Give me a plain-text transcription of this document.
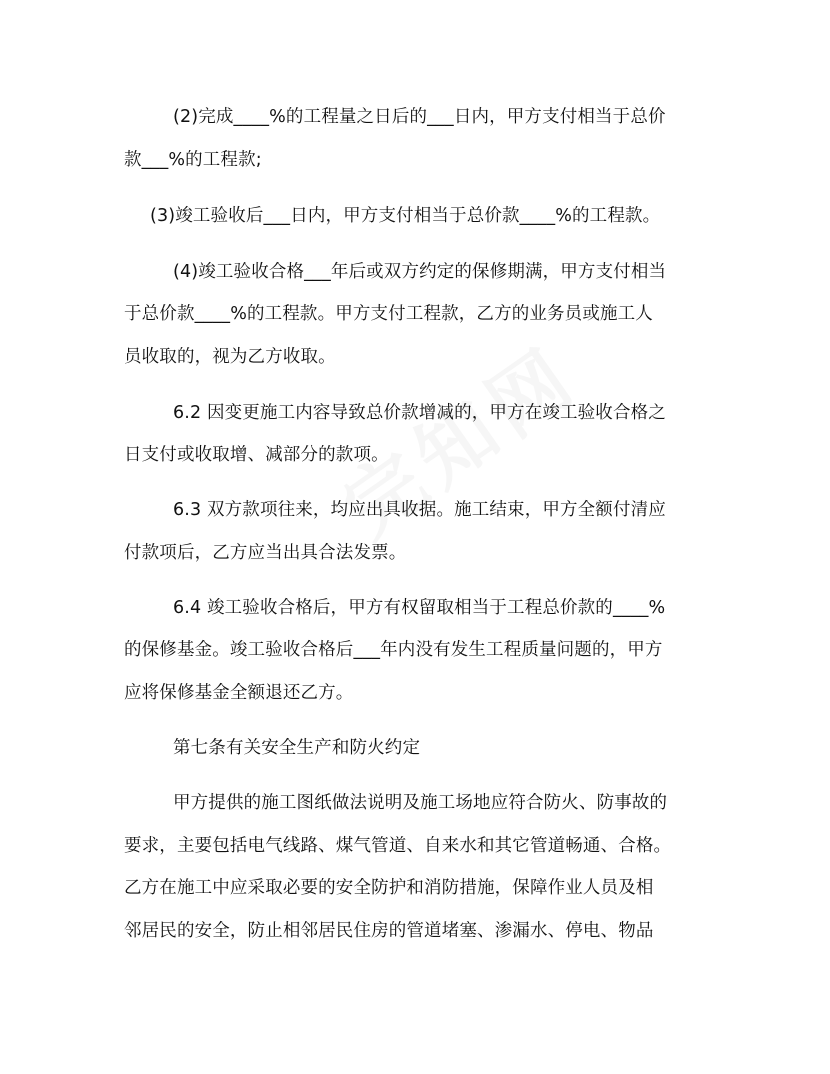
(2)完成____%的工程量之日后的___日内，甲方支付相当于总价
款___%的工程款;
(3)竣工验收后___日内，甲方支付相当于总价款____%的工程款。
(4)竣工验收合格___年后或双方约定的保修期满，甲方支付相当
于总价款____%的工程款。甲方支付工程款，乙方的业务员或施工人
员收取的，视为乙方收取。
6.2 因变更施工内容导致总价款增减的，甲方在竣工验收合格之
日支付或收取增、减部分的款项。
6.3 双方款项往来，均应出具收据。施工结束，甲方全额付清应
付款项后，乙方应当出具合法发票。
6.4 竣工验收合格后，甲方有权留取相当于工程总价款的____%
的保修基金。竣工验收合格后___年内没有发生工程质量问题的，甲方
应将保修基金全额退还乙方。
第七条有关安全生产和防火约定
甲方提供的施工图纸做法说明及施工场地应符合防火、防事故的
要求，主要包括电气线路、煤气管道、自来水和其它管道畅通、合格。
乙方在施工中应采取必要的安全防护和消防措施，保障作业人员及相
邻居民的安全，防止相邻居民住房的管道堵塞、渗漏水、停电、物品
